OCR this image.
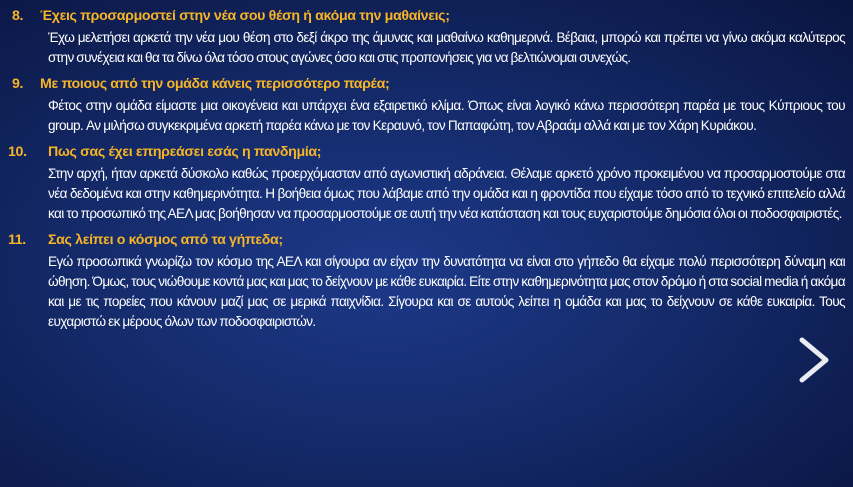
8.	Έχεις προσαρμοστεί στην νέα σου θέση ή ακόμα την μαθαίνεις;
Έχω μελετήσει αρκετά την νέα μου θέση στο δεξί άκρο της άμυνας και μαθαίνω καθημερινά. Βέβαια, μπορώ και πρέπει να γίνω ακόμα καλύτερος στην συνέχεια και θα τα δίνω όλα τόσο στους αγώνες όσο και στις προπονήσεις για να βελτιώνομαι συνεχώς.
9.	Με ποιους από την ομάδα κάνεις περισσότερο παρέα;
Φέτος στην ομάδα είμαστε μια οικογένεια και υπάρχει ένα εξαιρετικό κλίμα. Όπως είναι λογικό κάνω περισσότερη παρέα με τους Κύπριους του group. Αν μιλήσω συγκεκριμένα αρκετή παρέα κάνω με τον Κεραυνό, τον Παπαφώτη, τον Αβραάμ αλλά και με τον Χάρη Κυριάκου.
10.	Πως σας έχει επηρεάσει εσάς η πανδημία;
Στην αρχή, ήταν αρκετά δύσκολο καθώς προερχόμασταν από αγωνιστική αδράνεια. Θέλαμε αρκετό χρόνο προκειμένου να προσαρμοστούμε στα νέα δεδομένα και στην καθημερινότητα. Η βοήθεια όμως που λάβαμε από την ομάδα και η φροντίδα που είχαμε τόσο από το τεχνικό επιτελείο αλλά και το προσωπικό της ΑΕΛ μας βοήθησαν να προσαρμοστούμε σε αυτή την νέα κατάσταση και τους ευχαριστούμε δημόσια όλοι οι ποδοσφαιριστές.
11.	Σας λείπει ο κόσμος από τα γήπεδα;
Εγώ προσωπικά γνωρίζω τον κόσμο της ΑΕΛ και σίγουρα αν είχαν την δυνατότητα να είναι στο γήπεδο θα είχαμε πολύ περισσότερη δύναμη και ώθηση. Όμως, τους νιώθουμε κοντά μας και μας το δείχνουν με κάθε ευκαιρία. Είτε στην καθημερινότητα μας στον δρόμο ή στα social media ή ακόμα και με τις πορείες που κάνουν μαζί μας σε μερικά παιχνίδια. Σίγουρα και σε αυτούς λείπει η ομάδα και μας το δείχνουν σε κάθε ευκαιρία. Τους ευχαριστώ εκ μέρους όλων των ποδοσφαιριστών.
